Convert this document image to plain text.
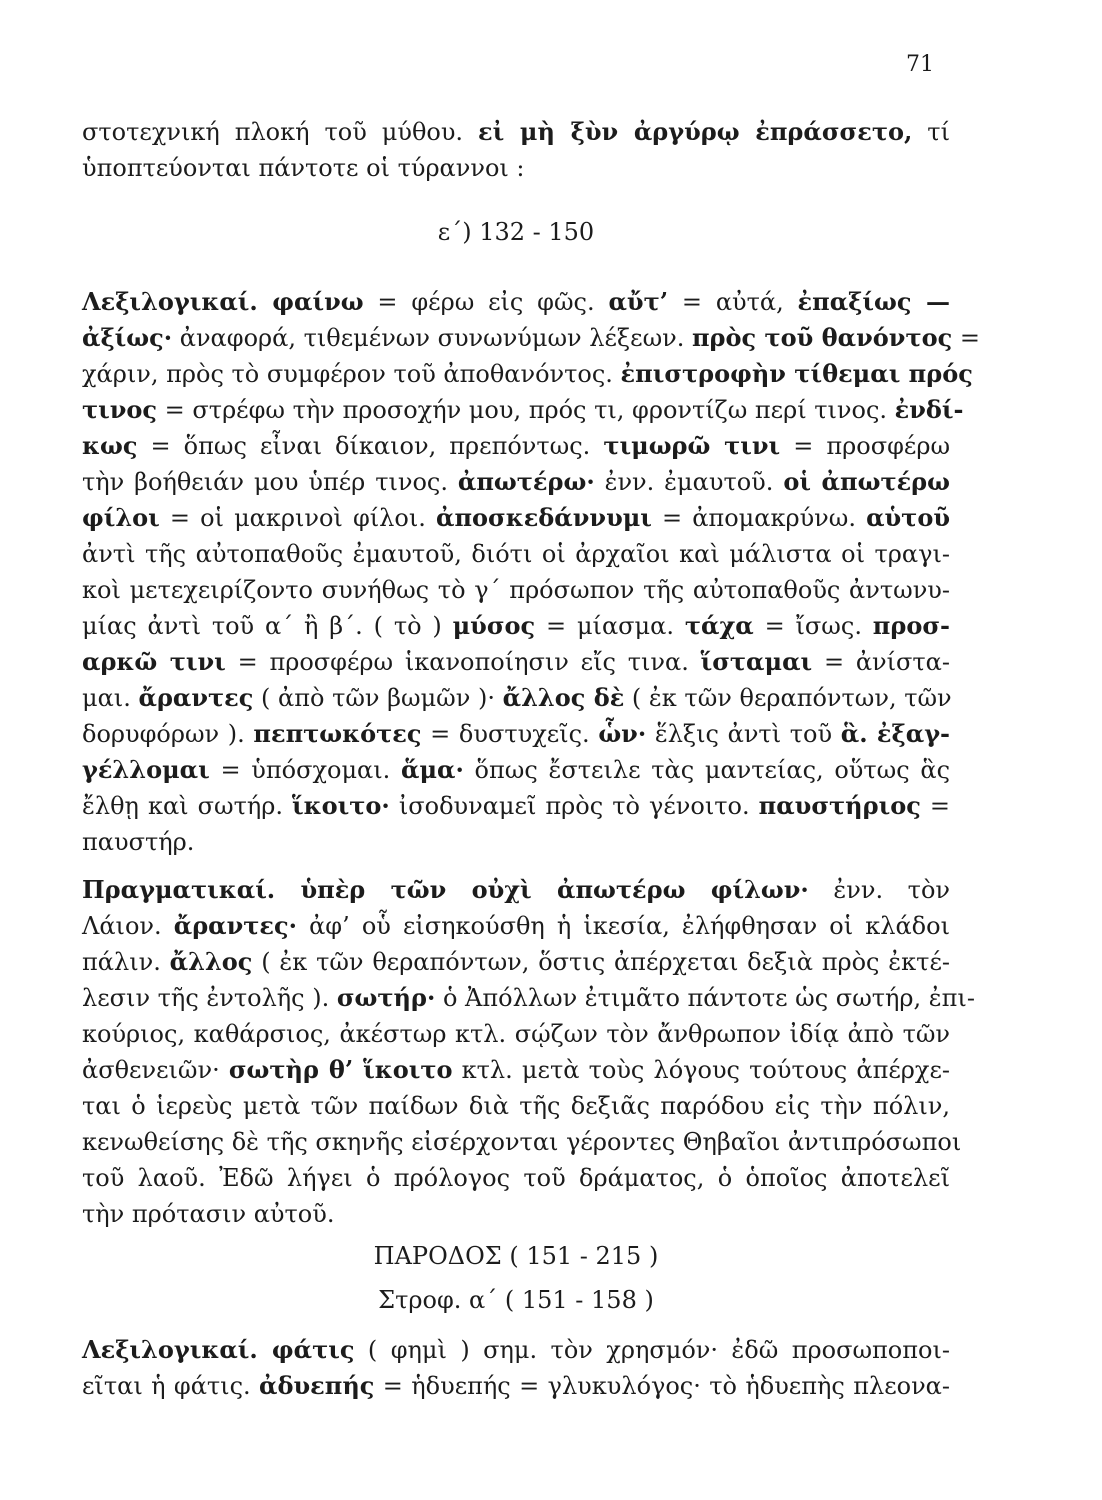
71
στοτεχνική πλοκή τοῦ μύθου. εἰ μὴ ξὺν ἀργύρῳ ἐπράσσετο, τί
ὑποπτεύονται πάντοτε οἱ τύραννοι :
ε΄) 132 - 150
Λεξιλογικαί. φαίνω = φέρω εἰς φῶς. αὔτ’ = αὐτά, ἐπαξίως —
ἀξίως· ἀναφορά, τιθεμένων συνωνύμων λέξεων. πρὸς τοῦ θανόντος =
χάριν, πρὸς τὸ συμφέρον τοῦ ἀποθανόντος. ἐπιστροφὴν τίθεμαι πρός
τινος = στρέφω τὴν προσοχήν μου, πρός τι, φροντίζω περί τινος. ἐνδί-
κως = ὅπως εἶναι δίκαιον, πρεπόντως. τιμωρῶ τινι = προσφέρω
τὴν βοήθειάν μου ὑπέρ τινος. ἀπωτέρω· ἐνν. ἐμαυτοῦ. οἱ ἀπωτέρω
φίλοι = οἱ μακρινοὶ φίλοι. ἀποσκεδάννυμι = ἀπομακρύνω. αὑτοῦ
ἀντὶ τῆς αὐτοπαθοῦς ἐμαυτοῦ, διότι οἱ ἀρχαῖοι καὶ μάλιστα οἱ τραγι-
κοὶ μετεχειρίζοντο συνήθως τὸ γ΄ πρόσωπον τῆς αὐτοπαθοῦς ἀντωνυ-
μίας ἀντὶ τοῦ α΄ ἢ β΄. ( τὸ ) μύσος = μίασμα. τάχα = ἴσως. προσ-
αρκῶ τινι = προσφέρω ἱκανοποίησιν εἴς τινα. ἵσταμαι = ἀνίστα-
μαι. ἄραντες ( ἀπὸ τῶν βωμῶν )· ἄλλος δὲ ( ἐκ τῶν θεραπόντων, τῶν
δορυφόρων ). πεπτωκότες = δυστυχεῖς. ὧν· ἕλξις ἀντὶ τοῦ ἃ. ἐξαγ-
γέλλομαι = ὑπόσχομαι. ἅμα· ὅπως ἔστειλε τὰς μαντείας, οὕτως ἃς
ἔλθῃ καὶ σωτήρ. ἵκοιτο· ἰσοδυναμεῖ πρὸς τὸ γένοιτο. παυστήριος =
παυστήρ.
Πραγματικαί. ὑπὲρ τῶν οὐχὶ ἀπωτέρω φίλων· ἐνν. τὸν
Λάιον. ἄραντες· ἀφ’ οὗ εἰσηκούσθη ἡ ἱκεσία, ἐλήφθησαν οἱ κλάδοι
πάλιν. ἄλλος ( ἐκ τῶν θεραπόντων, ὅστις ἀπέρχεται δεξιὰ πρὸς ἐκτέ-
λεσιν τῆς ἐντολῆς ). σωτήρ· ὁ Ἀπόλλων ἐτιμᾶτο πάντοτε ὡς σωτήρ, ἐπι-
κούριος, καθάρσιος, ἀκέστωρ κτλ. σῴζων τὸν ἄνθρωπον ἰδίᾳ ἀπὸ τῶν
ἀσθενειῶν· σωτὴρ θ’ ἵκοιτο κτλ. μετὰ τοὺς λόγους τούτους ἀπέρχε-
ται ὁ ἱερεὺς μετὰ τῶν παίδων διὰ τῆς δεξιᾶς παρόδου εἰς τὴν πόλιν,
κενωθείσης δὲ τῆς σκηνῆς εἰσέρχονται γέροντες Θηβαῖοι ἀντιπρόσωποι
τοῦ λαοῦ. Ἐδῶ λήγει ὁ πρόλογος τοῦ δράματος, ὁ ὁποῖος ἀποτελεῖ
τὴν πρότασιν αὐτοῦ.
ΠΑΡΟΔΟΣ ( 151 - 215 )
Στροφ. α΄ ( 151 - 158 )
Λεξιλογικαί. φάτις ( φημὶ ) σημ. τὸν χρησμόν· ἐδῶ προσωποποι-
εῖται ἡ φάτις. ἀδυεπής = ἡδυεπής = γλυκυλόγος· τὸ ἡδυεπὴς πλεονα-
